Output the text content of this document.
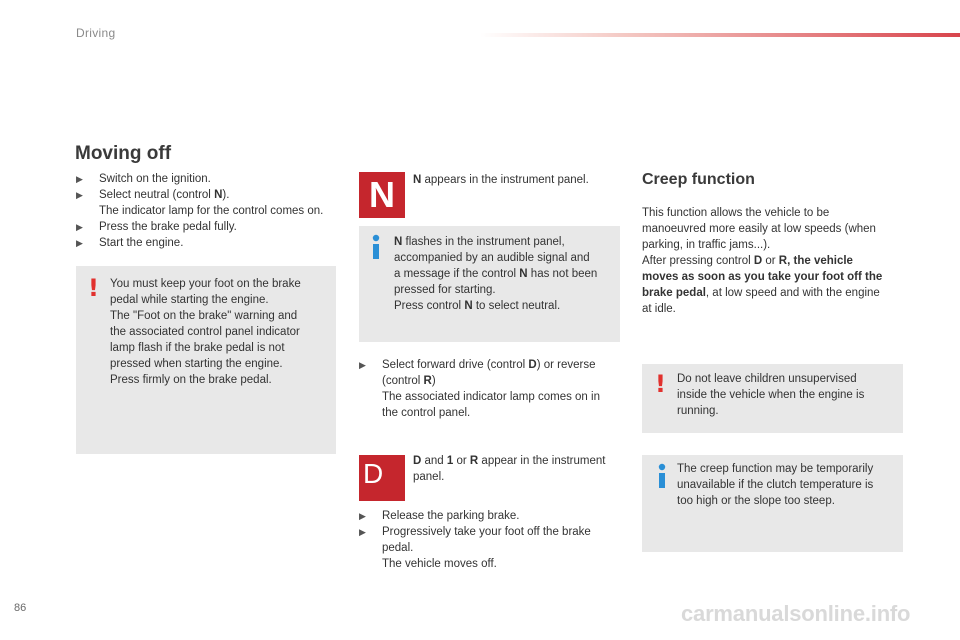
Driving
Moving off
▶ Switch on the ignition.
▶ Select neutral (control N).
The indicator lamp for the control comes on.
▶ Press the brake pedal fully.
▶ Start the engine.
! You must keep your foot on the brake
pedal while starting the engine.
The "Foot on the brake" warning and
the associated control panel indicator
lamp flash if the brake pedal is not
pressed when starting the engine.
Press firmly on the brake pedal.
N	N appears in the instrument panel.
N flashes in the instrument panel,
accompanied by an audible signal and
a message if the control N has not been
pressed for starting.
Press control N to select neutral.
▶ Select forward drive (control D) or reverse
(control R)
The associated indicator lamp comes on in
the control panel.
D	D and 1 or R appear in the instrument
panel.
▶ Release the parking brake.
▶ Progressively take your foot off the brake
pedal.
The vehicle moves off.
Creep function
This function allows the vehicle to be
manoeuvred more easily at low speeds (when
parking, in traffic jams...).
After pressing control D or R, the vehicle
moves as soon as you take your foot off the
brake pedal, at low speed and with the engine
at idle.
! Do not leave children unsupervised
inside the vehicle when the engine is
running.
The creep function may be temporarily
unavailable if the clutch temperature is
too high or the slope too steep.
86	carmanualsonline.info
